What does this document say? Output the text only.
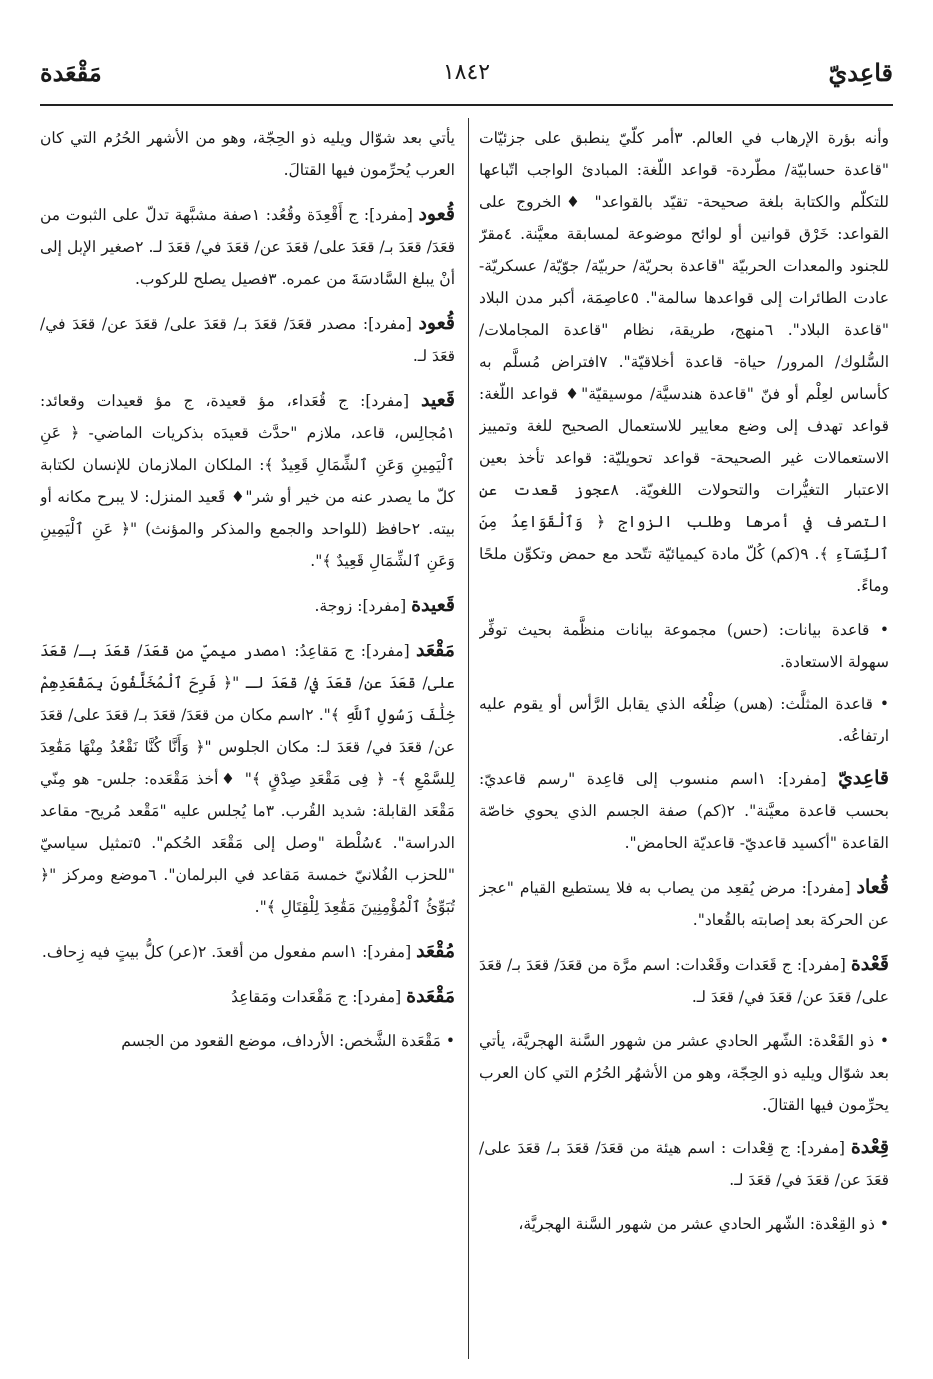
قاعِديّ
١٨٤٢
مَقْعَدة

وأنه بؤرة الإرهاب في العالم. ٣أمر كلّيّ ينطبق على جزئيّات "قاعدة حسابيّة/ مطّردة- قواعد اللّغة: المبادئ الواجب اتّباعها للتكلّم والكتابة بلغة صحيحة- تقيّد بالقواعد" ♦الخروج على القواعد: خَرْق قوانين أو لوائح موضوعة لمسابقة معيَّنة. ٤مقرّ للجنود والمعدات الحربيّة "قاعدة بحريّة/ حربيّة/ جوّيّة/ عسكريّة- عادت الطائرات إلى قواعدها سالمة". ٥عاصِمَة، أكبر مدن البلاد "قاعدة البلاد". ٦منهج، طريقة، نظام "قاعدة المجاملات/ السُّلوك/ المرور/ حياة- قاعدة أخلاقيّة". ٧افتراض مُسلَّم به كأساس لعِلْم أو فنّ "قاعدة هندسيَّة/ موسيقيّة"♦ قواعد اللّغة: قواعد تهدف إلى وضع معايير للاستعمال الصحيح للغة وتمييز الاستعمالات غير الصحيحة- قواعد تحويليّة: قواعد تأخذ بعين الاعتبار التغيُّرات والتحولات اللغويّة. ٨عجوز قعدت عن التصرف في أمرها وطلب الزواج ﴿ وَٱلْقَوَاعِدُ مِنَ ٱلنِّسَآءِ ﴾. ٩(كم) كُلّ مادة كيميائيّة تتّحد مع حمض وتكوِّن ملحًا وماءً.

• قاعدة بيانات: (حس) مجموعة بيانات منظَّمة بحيث توفِّر سهولة الاستعادة.

• قاعدة المثلَّث: (هس) ضِلْعُه الذي يقابل الرَّأس أو يقوم عليه ارتفاعُه.

قاعِديّ [مفرد]: ١اسم منسوب إلى قاعِدة "رسم قاعديّ: بحسب قاعدة معيَّنة". ٢(كم) صفة الجسم الذي يحوي خاصّة القاعدة "أكسيد قاعديّ- قاعديّة الحامض".

قُعاد [مفرد]: مرض يُقعِد من يصاب به فلا يستطيع القيام "عجز عن الحركة بعد إصابته بالقُعاد".

قَعْدة [مفرد]: ج قَعَدات وقَعْدات: اسم مرَّة من قعَدَ/ قعَدَ بـ/ قعَدَ على/ قعَدَ عن/ قعَدَ في/ قعَدَ لـ.

• ذو القَعْدة: الشّهر الحادي عشر من شهور السَّنة الهجريَّة، يأتي بعد شوّال ويليه ذو الحِجّة، وهو من الأشهُر الحُرُم التي كان العرب يحرِّمون فيها القتالَ.

قِعْدة [مفرد]: ج قِعْدات : اسم هيئة من قعَدَ/ قعَدَ بـ/ قعَدَ على/ قعَدَ عن/ قعَدَ في/ قعَدَ لـ.

• ذو القِعْدة: الشّهر الحادي عشر من شهور السَّنة الهجريَّة،

يأتي بعد شوّال ويليه ذو الحِجّة، وهو من الأشهر الحُرُم التي كان العرب يُحرِّمون فيها القتالَ.

قُعود [مفرد]: ج أَقْعِدَة وقُعُد: ١صفة مشبَّهة تدلّ على الثبوت من قعَدَ/ قعَدَ بـ/ قعَدَ على/ قعَدَ عن/ قعَدَ في/ قعَدَ لـ. ٢صغير الإبل إلى أنْ يبلغ السَّادسَةَ من عمره. ٣فصيل يصلح للركوب.

قُعود [مفرد]: مصدر قعَدَ/ قعَدَ بـ/ قعَدَ على/ قعَدَ عن/ قعَدَ في/ قعَدَ لـ.

قَعيد [مفرد]: ج قُعَداء، مؤ قعيدة، ج مؤ قعيدات وقعائد: ١مُجالِس، قاعد، ملازم "حدَّث قعيدَه بذكريات الماضي- ﴿ عَنِ ٱلْيَمِينِ وَعَنِ ٱلشِّمَالِ قَعِيدٌ ﴾: الملكان الملازمان للإنسان لكتابة كلّ ما يصدر عنه من خير أو شر"♦ قَعيد المنزل: لا يبرح مكانه أو بيته. ٢حافظ (للواحد والجمع والمذكر والمؤنث) "﴿ عَنِ ٱلْيَمِينِ وَعَنِ ٱلشِّمَالِ قَعِيدٌ ﴾".

قَعيدة [مفرد]: زوجة.

مَقْعَد [مفرد]: ج مَقاعِدُ: ١مصدر ميميّ من قعَدَ/ قعَدَ بـ/ قعَدَ على/ قعَدَ عن/ قعَدَ في/ قعَدَ لـ "﴿ فَرِحَ ٱلْمُخَلَّفُونَ بِمَقْعَدِهِمْ خِلَٰفَ رَسُولِ ٱللَّهِ ﴾". ٢اسم مكان من قعَدَ/ قعَدَ بـ/ قعَدَ على/ قعَدَ عن/ قعَدَ في/ قعَدَ لـ: مكان الجلوس "﴿ وَأَنَّا كُنَّا نَقْعُدُ مِنْهَا مَقَٰعِدَ لِلسَّمْعِ ﴾- ﴿ فِى مَقْعَدِ صِدْقٍ ﴾" ♦أخذ مَقْعَده: جلس- هو مِنّي مَقْعَد القابلة: شديد القُرب. ٣ما يُجلس عليه "مَقْعد مُريح- مقاعد الدراسة". ٤سُلْطة "وصل إلى مَقْعَد الحُكم". ٥تمثيل سياسيّ "للحزب الفُلانيّ خمسة مَقاعد في البرلمان". ٦موضع ومركز "﴿ تُبَوِّئُ ٱلْمُؤْمِنِينَ مَقَٰعِدَ لِلْقِتَالِ ﴾".

مُقْعَد [مفرد]: ١اسم مفعول من أقعدَ. ٢(عر) كلُّ بيتٍ فيه زِحاف.

مَقْعَدة [مفرد]: ج مَقْعَدات ومَقاعِدُ

• مَقْعَدة الشَّخص: الأرداف، موضع القعود من الجسم
